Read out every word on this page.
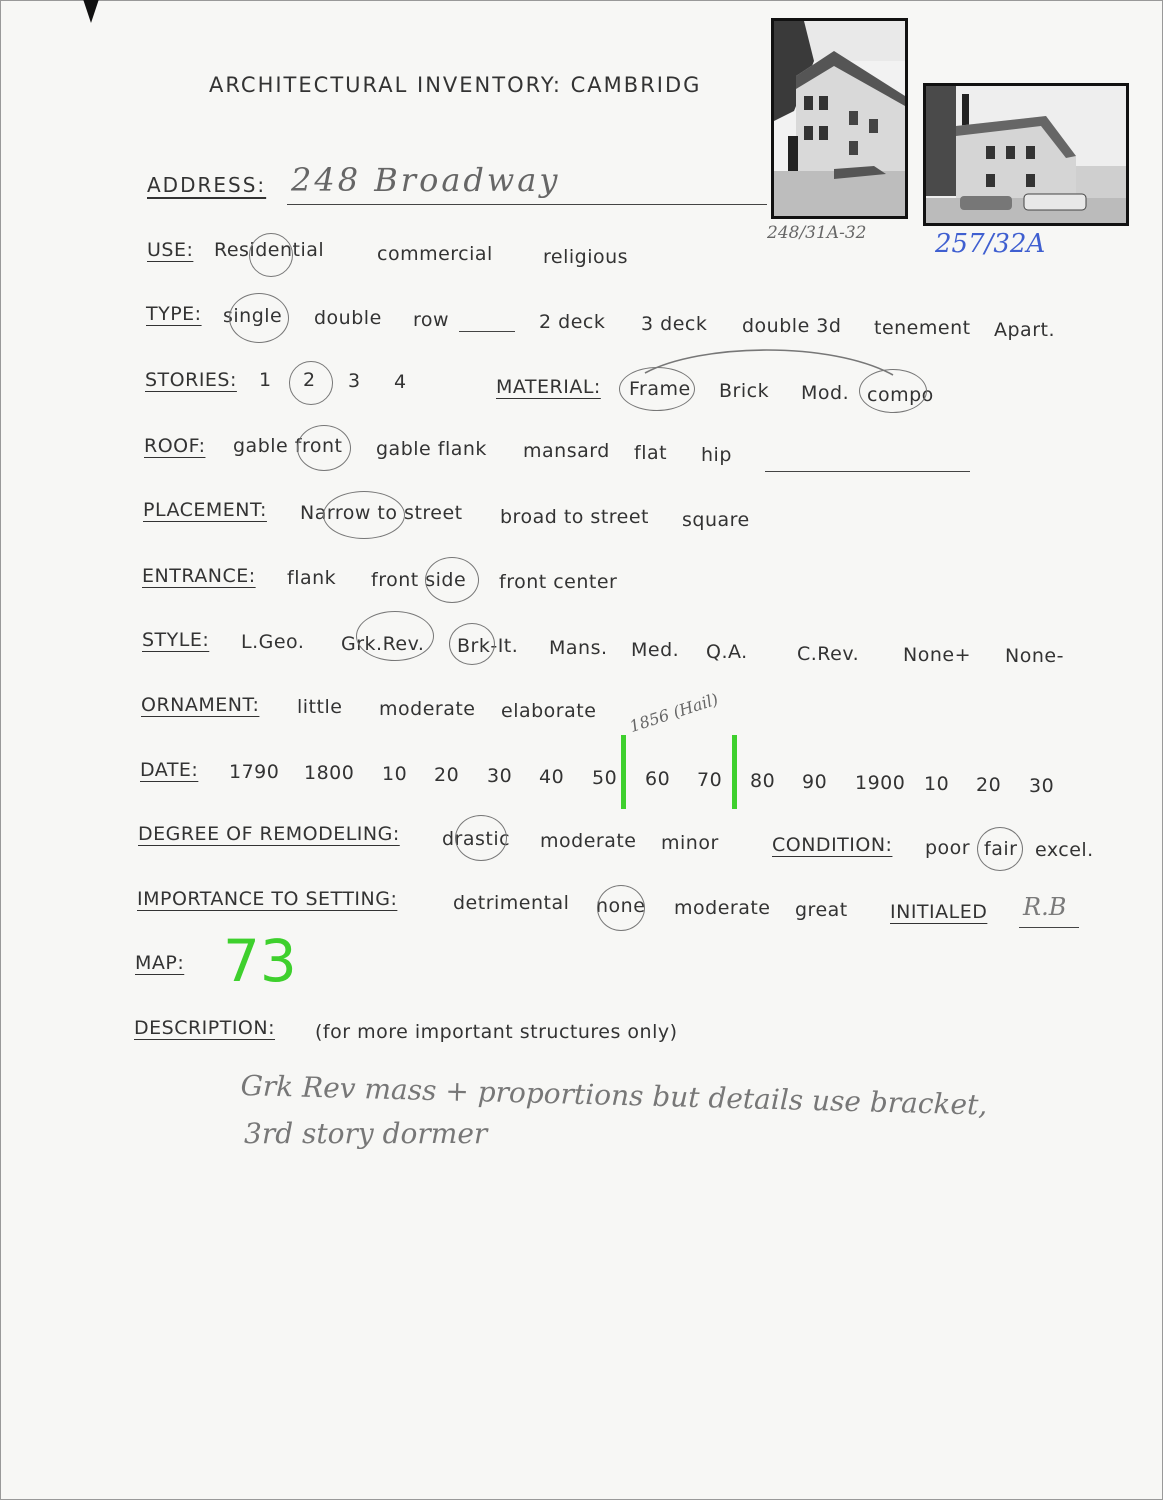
ARCHITECTURAL INVENTORY: CAMBRIDG
248/31A-32	257/32A
ADDRESS: 248 Broadway
USE: Residential	commercial	religious
TYPE: single double row	2 deck 3 deck double 3d tenement Apart.
STORIES: 1 2 3 4	MATERIAL: Frame Brick Mod. compo
ROOF: gable front gable flank mansard flat hip
PLACEMENT: Narrow to street broad to street square
ENTRANCE: flank front side front center
STYLE: L.Geo. Grk.Rev. Brk-It. Mans. Med. Q.A.	C.Rev. None+ None-
ORNAMENT: little moderate elaborate
DATE: 1790 1800 10 20 30 40 50 60 70 80 90 1900 10 20 30
1856 (Hail)
DEGREE OF REMODELING: drastic moderate minor	CONDITION: poor fair excel.
IMPORTANCE TO SETTING:	detrimental none moderate great INITIALED R.B
MAP: 73
DESCRIPTION: (for more important structures only)
Grk Rev mass + proportions but details use bracket,
3rd story dormer
